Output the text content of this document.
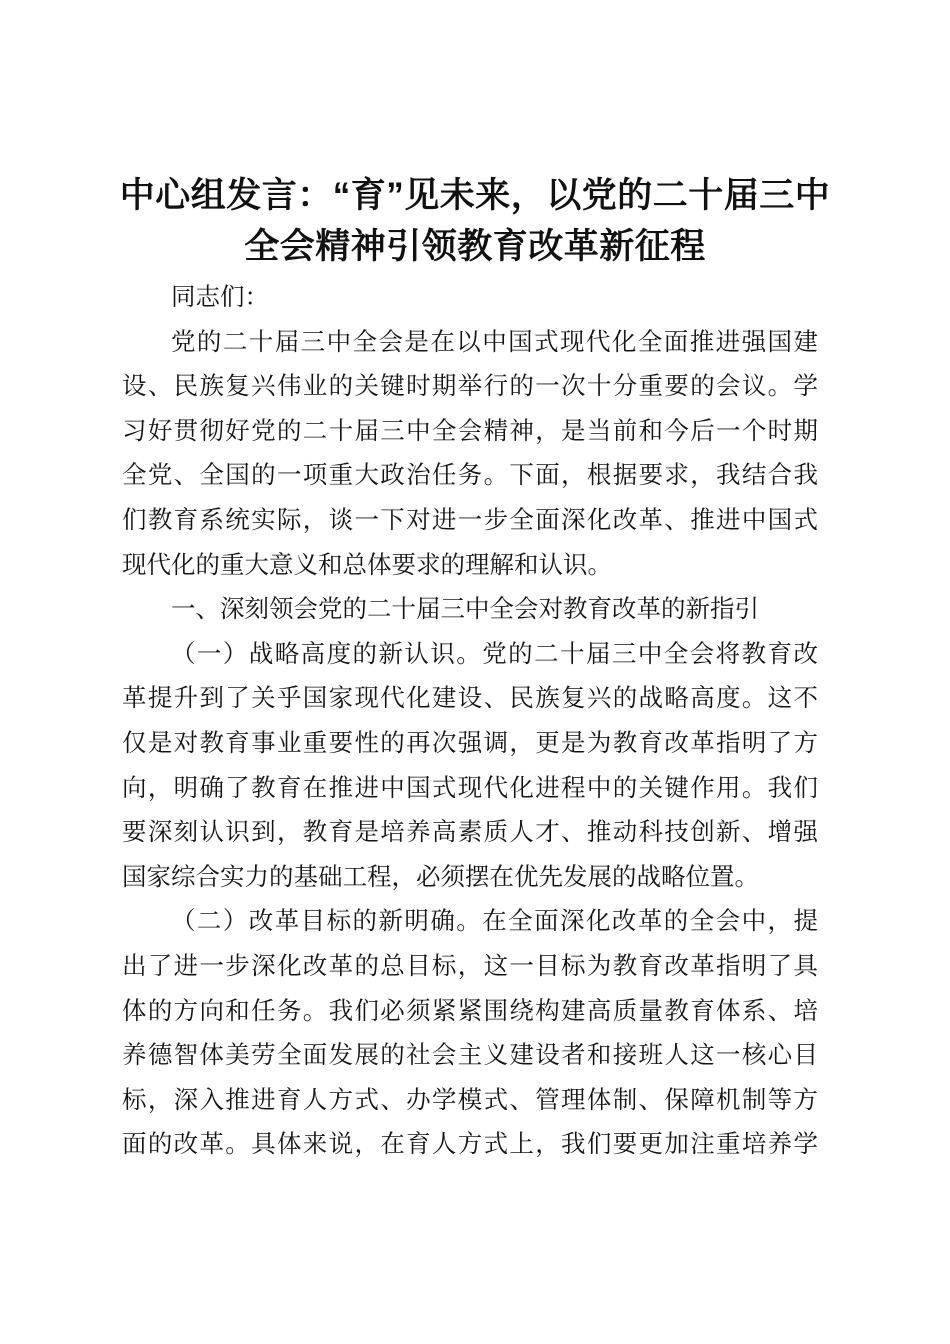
中心组发言：“育”见未来，以党的二十届三中
全会精神引领教育改革新征程
同志们：
党的二十届三中全会是在以中国式现代化全面推进强国建
设、民族复兴伟业的关键时期举行的一次十分重要的会议。学
习好贯彻好党的二十届三中全会精神，是当前和今后一个时期
全党、全国的一项重大政治任务。下面，根据要求，我结合我
们教育系统实际，谈一下对进一步全面深化改革、推进中国式
现代化的重大意义和总体要求的理解和认识。
一、深刻领会党的二十届三中全会对教育改革的新指引
（一）战略高度的新认识。党的二十届三中全会将教育改
革提升到了关乎国家现代化建设、民族复兴的战略高度。这不
仅是对教育事业重要性的再次强调，更是为教育改革指明了方
向，明确了教育在推进中国式现代化进程中的关键作用。我们
要深刻认识到，教育是培养高素质人才、推动科技创新、增强
国家综合实力的基础工程，必须摆在优先发展的战略位置。
（二）改革目标的新明确。在全面深化改革的全会中，提
出了进一步深化改革的总目标，这一目标为教育改革指明了具
体的方向和任务。我们必须紧紧围绕构建高质量教育体系、培
养德智体美劳全面发展的社会主义建设者和接班人这一核心目
标，深入推进育人方式、办学模式、管理体制、保障机制等方
面的改革。具体来说，在育人方式上，我们要更加注重培养学
